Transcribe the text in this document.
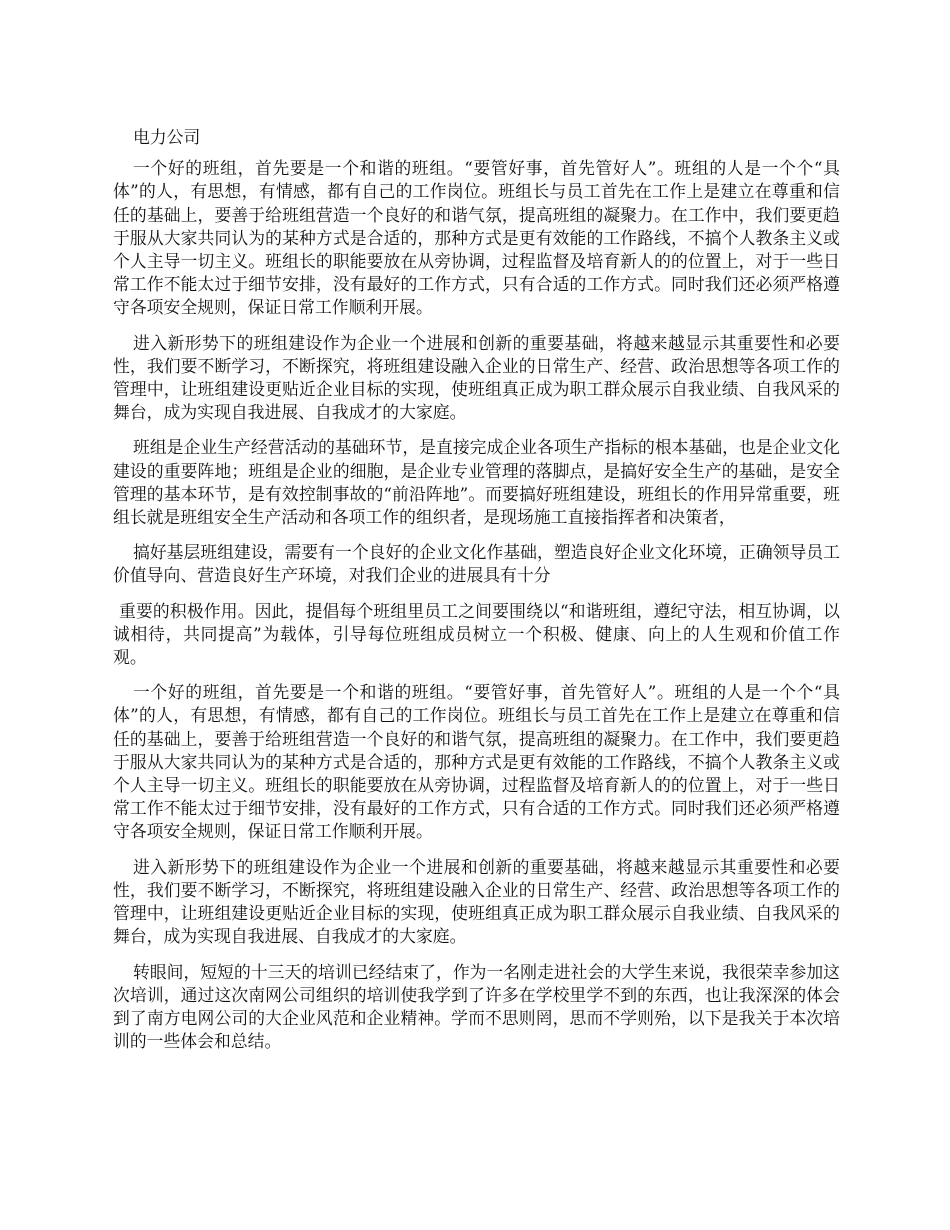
电力公司

一个好的班组，首先要是一个和谐的班组。“要管好事，首先管好人”。班组的人是一个个“具体”的人，有思想，有情感，都有自己的工作岗位。班组长与员工首先在工作上是建立在尊重和信任的基础上，要善于给班组营造一个良好的和谐气氛，提高班组的凝聚力。在工作中，我们要更趋于服从大家共同认为的某种方式是合适的，那种方式是更有效能的工作路线，不搞个人教条主义或个人主导一切主义。班组长的职能要放在从旁协调，过程监督及培育新人的的位置上，对于一些日常工作不能太过于细节安排，没有最好的工作方式，只有合适的工作方式。同时我们还必须严格遵守各项安全规则，保证日常工作顺利开展。

进入新形势下的班组建设作为企业一个进展和创新的重要基础，将越来越显示其重要性和必要性，我们要不断学习，不断探究，将班组建设融入企业的日常生产、经营、政治思想等各项工作的管理中，让班组建设更贴近企业目标的实现，使班组真正成为职工群众展示自我业绩、自我风采的舞台，成为实现自我进展、自我成才的大家庭。

班组是企业生产经营活动的基础环节，是直接完成企业各项生产指标的根本基础，也是企业文化建设的重要阵地；班组是企业的细胞，是企业专业管理的落脚点，是搞好安全生产的基础，是安全管理的基本环节，是有效控制事故的“前沿阵地”。而要搞好班组建设，班组长的作用异常重要，班组长就是班组安全生产活动和各项工作的组织者，是现场施工直接指挥者和决策者，

搞好基层班组建设，需要有一个良好的企业文化作基础，塑造良好企业文化环境，正确领导员工价值导向、营造良好生产环境，对我们企业的进展具有十分

重要的积极作用。因此，提倡每个班组里员工之间要围绕以“和谐班组，遵纪守法，相互协调，以诚相待，共同提高”为载体，引导每位班组成员树立一个积极、健康、向上的人生观和价值工作观。

一个好的班组，首先要是一个和谐的班组。“要管好事，首先管好人”。班组的人是一个个“具体”的人，有思想，有情感，都有自己的工作岗位。班组长与员工首先在工作上是建立在尊重和信任的基础上，要善于给班组营造一个良好的和谐气氛，提高班组的凝聚力。在工作中，我们要更趋于服从大家共同认为的某种方式是合适的，那种方式是更有效能的工作路线，不搞个人教条主义或个人主导一切主义。班组长的职能要放在从旁协调，过程监督及培育新人的的位置上，对于一些日常工作不能太过于细节安排，没有最好的工作方式，只有合适的工作方式。同时我们还必须严格遵守各项安全规则，保证日常工作顺利开展。

进入新形势下的班组建设作为企业一个进展和创新的重要基础，将越来越显示其重要性和必要性，我们要不断学习，不断探究，将班组建设融入企业的日常生产、经营、政治思想等各项工作的管理中，让班组建设更贴近企业目标的实现，使班组真正成为职工群众展示自我业绩、自我风采的舞台，成为实现自我进展、自我成才的大家庭。

转眼间，短短的十三天的培训已经结束了，作为一名刚走进社会的大学生来说，我很荣幸参加这次培训，通过这次南网公司组织的培训使我学到了许多在学校里学不到的东西，也让我深深的体会到了南方电网公司的大企业风范和企业精神。学而不思则罔，思而不学则殆，以下是我关于本次培训的一些体会和总结。
